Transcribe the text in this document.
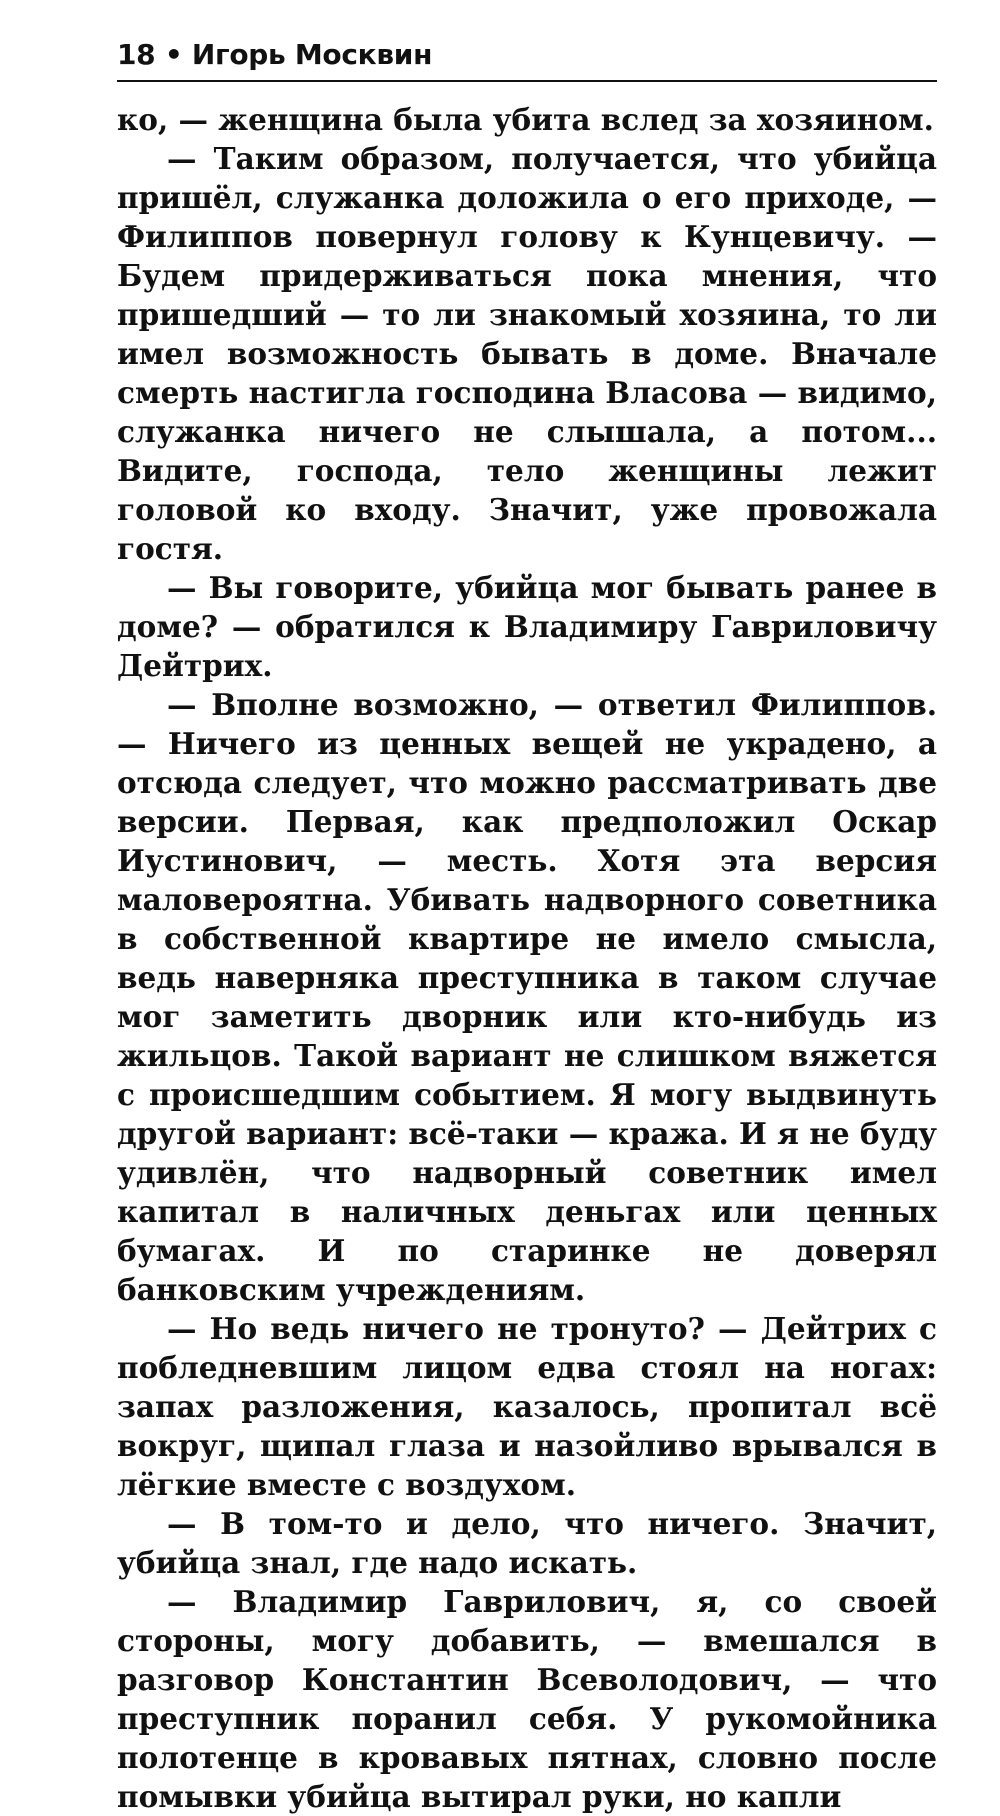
18 • Игорь Москвин

ко, — женщина была убита вслед за хозяином.

— Таким образом, получается, что убийца пришёл, служанка доложила о его приходе, — Филиппов повернул голову к Кунцевичу. — Будем придерживаться пока мнения, что пришедший — то ли знакомый хозяина, то ли имел возможность бывать в доме. Вначале смерть настигла господина Власова — видимо, служанка ничего не слышала, а потом... Видите, господа, тело женщины лежит головой ко входу. Значит, уже провожала гостя.

— Вы говорите, убийца мог бывать ранее в доме? — обратился к Владимиру Гавриловичу Дейтрих.

— Вполне возможно, — ответил Филиппов. — Ничего из ценных вещей не украдено, а отсюда следует, что можно рассматривать две версии. Первая, как предположил Оскар Иустинович, — месть. Хотя эта версия маловероятна. Убивать надворного советника в собственной квартире не имело смысла, ведь наверняка преступника в таком случае мог заметить дворник или кто-нибудь из жильцов. Такой вариант не слишком вяжется с происшедшим событием. Я могу выдвинуть другой вариант: всё-таки — кража. И я не буду удивлён, что надворный советник имел капитал в наличных деньгах или ценных бумагах. И по старинке не доверял банковским учреждениям.

— Но ведь ничего не тронуто? — Дейтрих с побледневшим лицом едва стоял на ногах: запах разложения, казалось, пропитал всё вокруг, щипал глаза и назойливо врывался в лёгкие вместе с воздухом.

— В том-то и дело, что ничего. Значит, убийца знал, где надо искать.

— Владимир Гаврилович, я, со своей стороны, могу добавить, — вмешался в разговор Константин Всеволодович, — что преступник поранил себя. У рукомойника полотенце в кровавых пятнах, словно после помывки убийца вытирал руки, но капли
